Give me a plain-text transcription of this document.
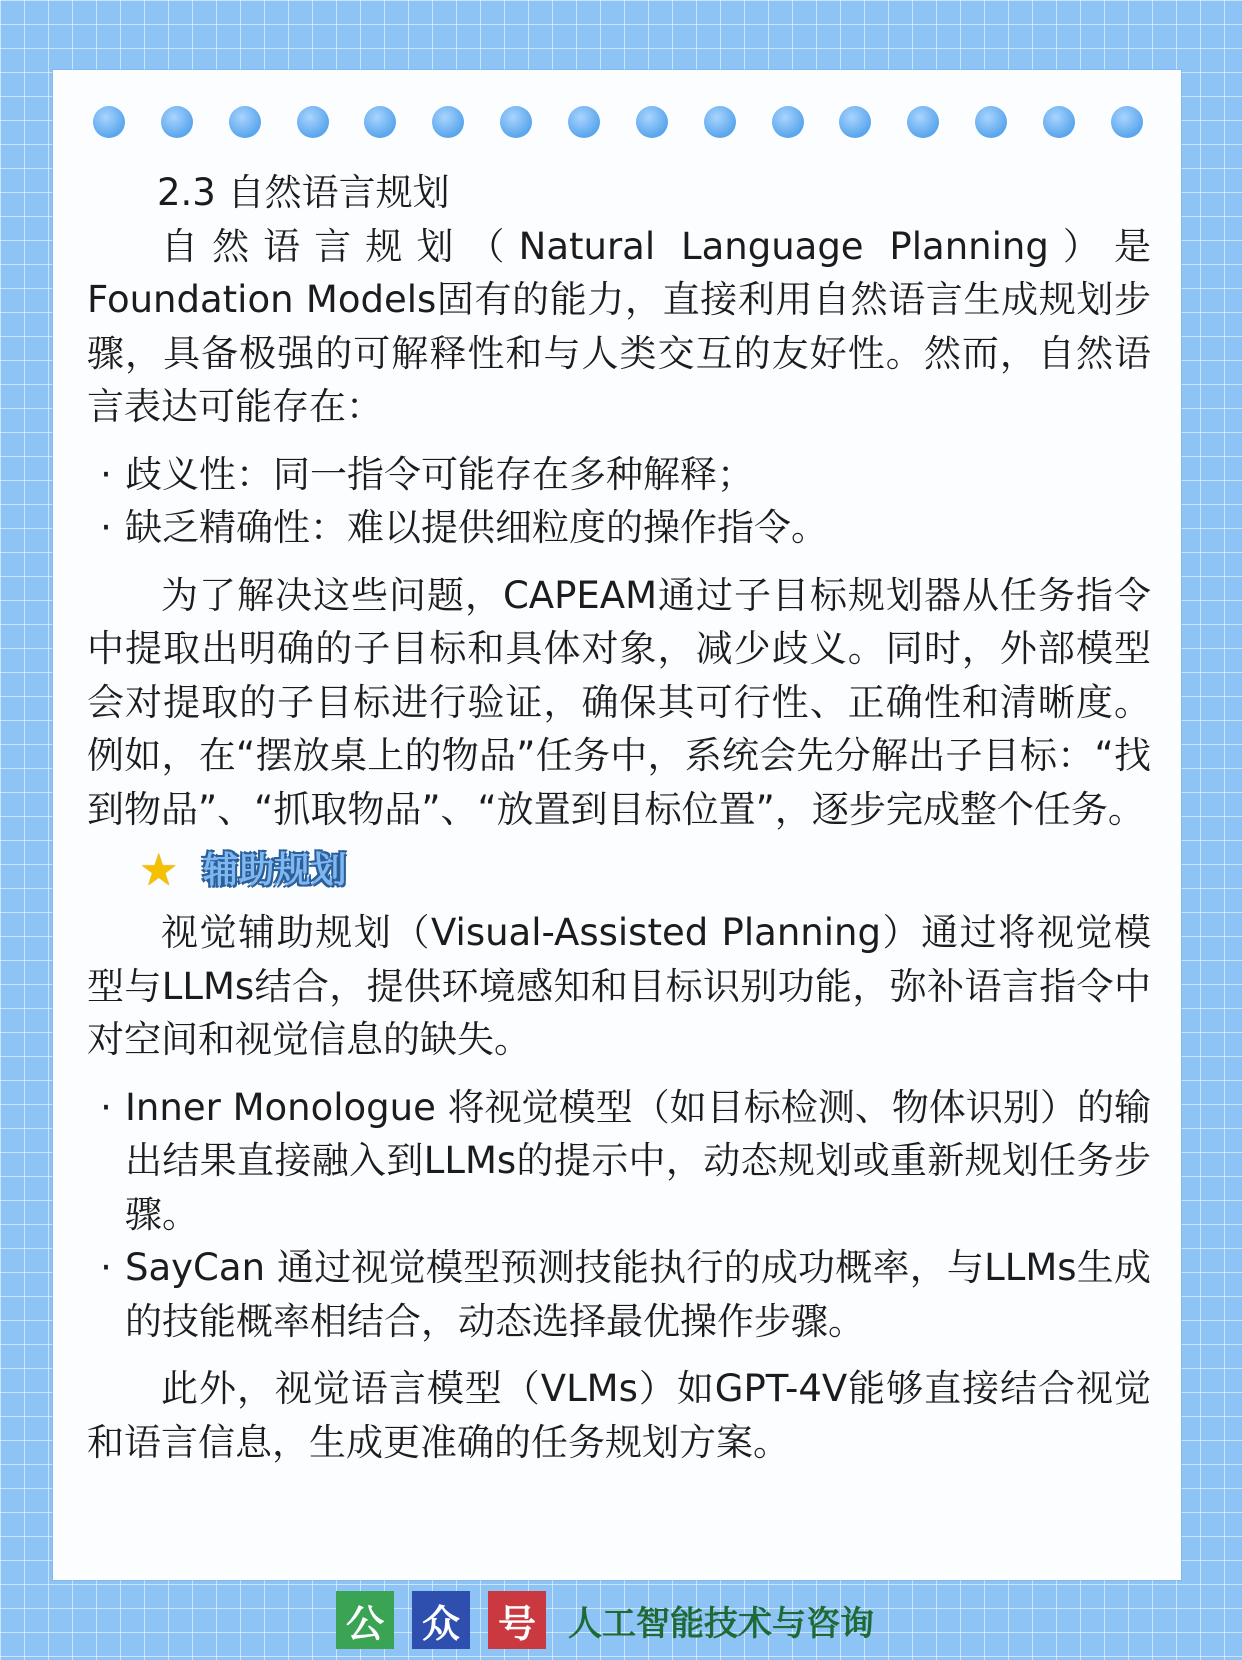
2.3 自然语言规划

自然语言规划（Natural Language Planning）是Foundation Models固有的能力，直接利用自然语言生成规划步骤，具备极强的可解释性和与人类交互的友好性。然而，自然语言表达可能存在：

· 歧义性：同一指令可能存在多种解释；
· 缺乏精确性：难以提供细粒度的操作指令。

为了解决这些问题，CAPEAM通过子目标规划器从任务指令中提取出明确的子目标和具体对象，减少歧义。同时，外部模型会对提取的子目标进行验证，确保其可行性、正确性和清晰度。例如，在“摆放桌上的物品”任务中，系统会先分解出子目标：“找到物品”、“抓取物品”、“放置到目标位置”，逐步完成整个任务。

★ 辅助规划

视觉辅助规划（Visual-Assisted Planning）通过将视觉模型与LLMs结合，提供环境感知和目标识别功能，弥补语言指令中对空间和视觉信息的缺失。

· Inner Monologue 将视觉模型（如目标检测、物体识别）的输出结果直接融入到LLMs的提示中，动态规划或重新规划任务步骤。
· SayCan 通过视觉模型预测技能执行的成功概率，与LLMs生成的技能概率相结合，动态选择最优操作步骤。

此外，视觉语言模型（VLMs）如GPT-4V能够直接结合视觉和语言信息，生成更准确的任务规划方案。

公 众 号 人工智能技术与咨询
